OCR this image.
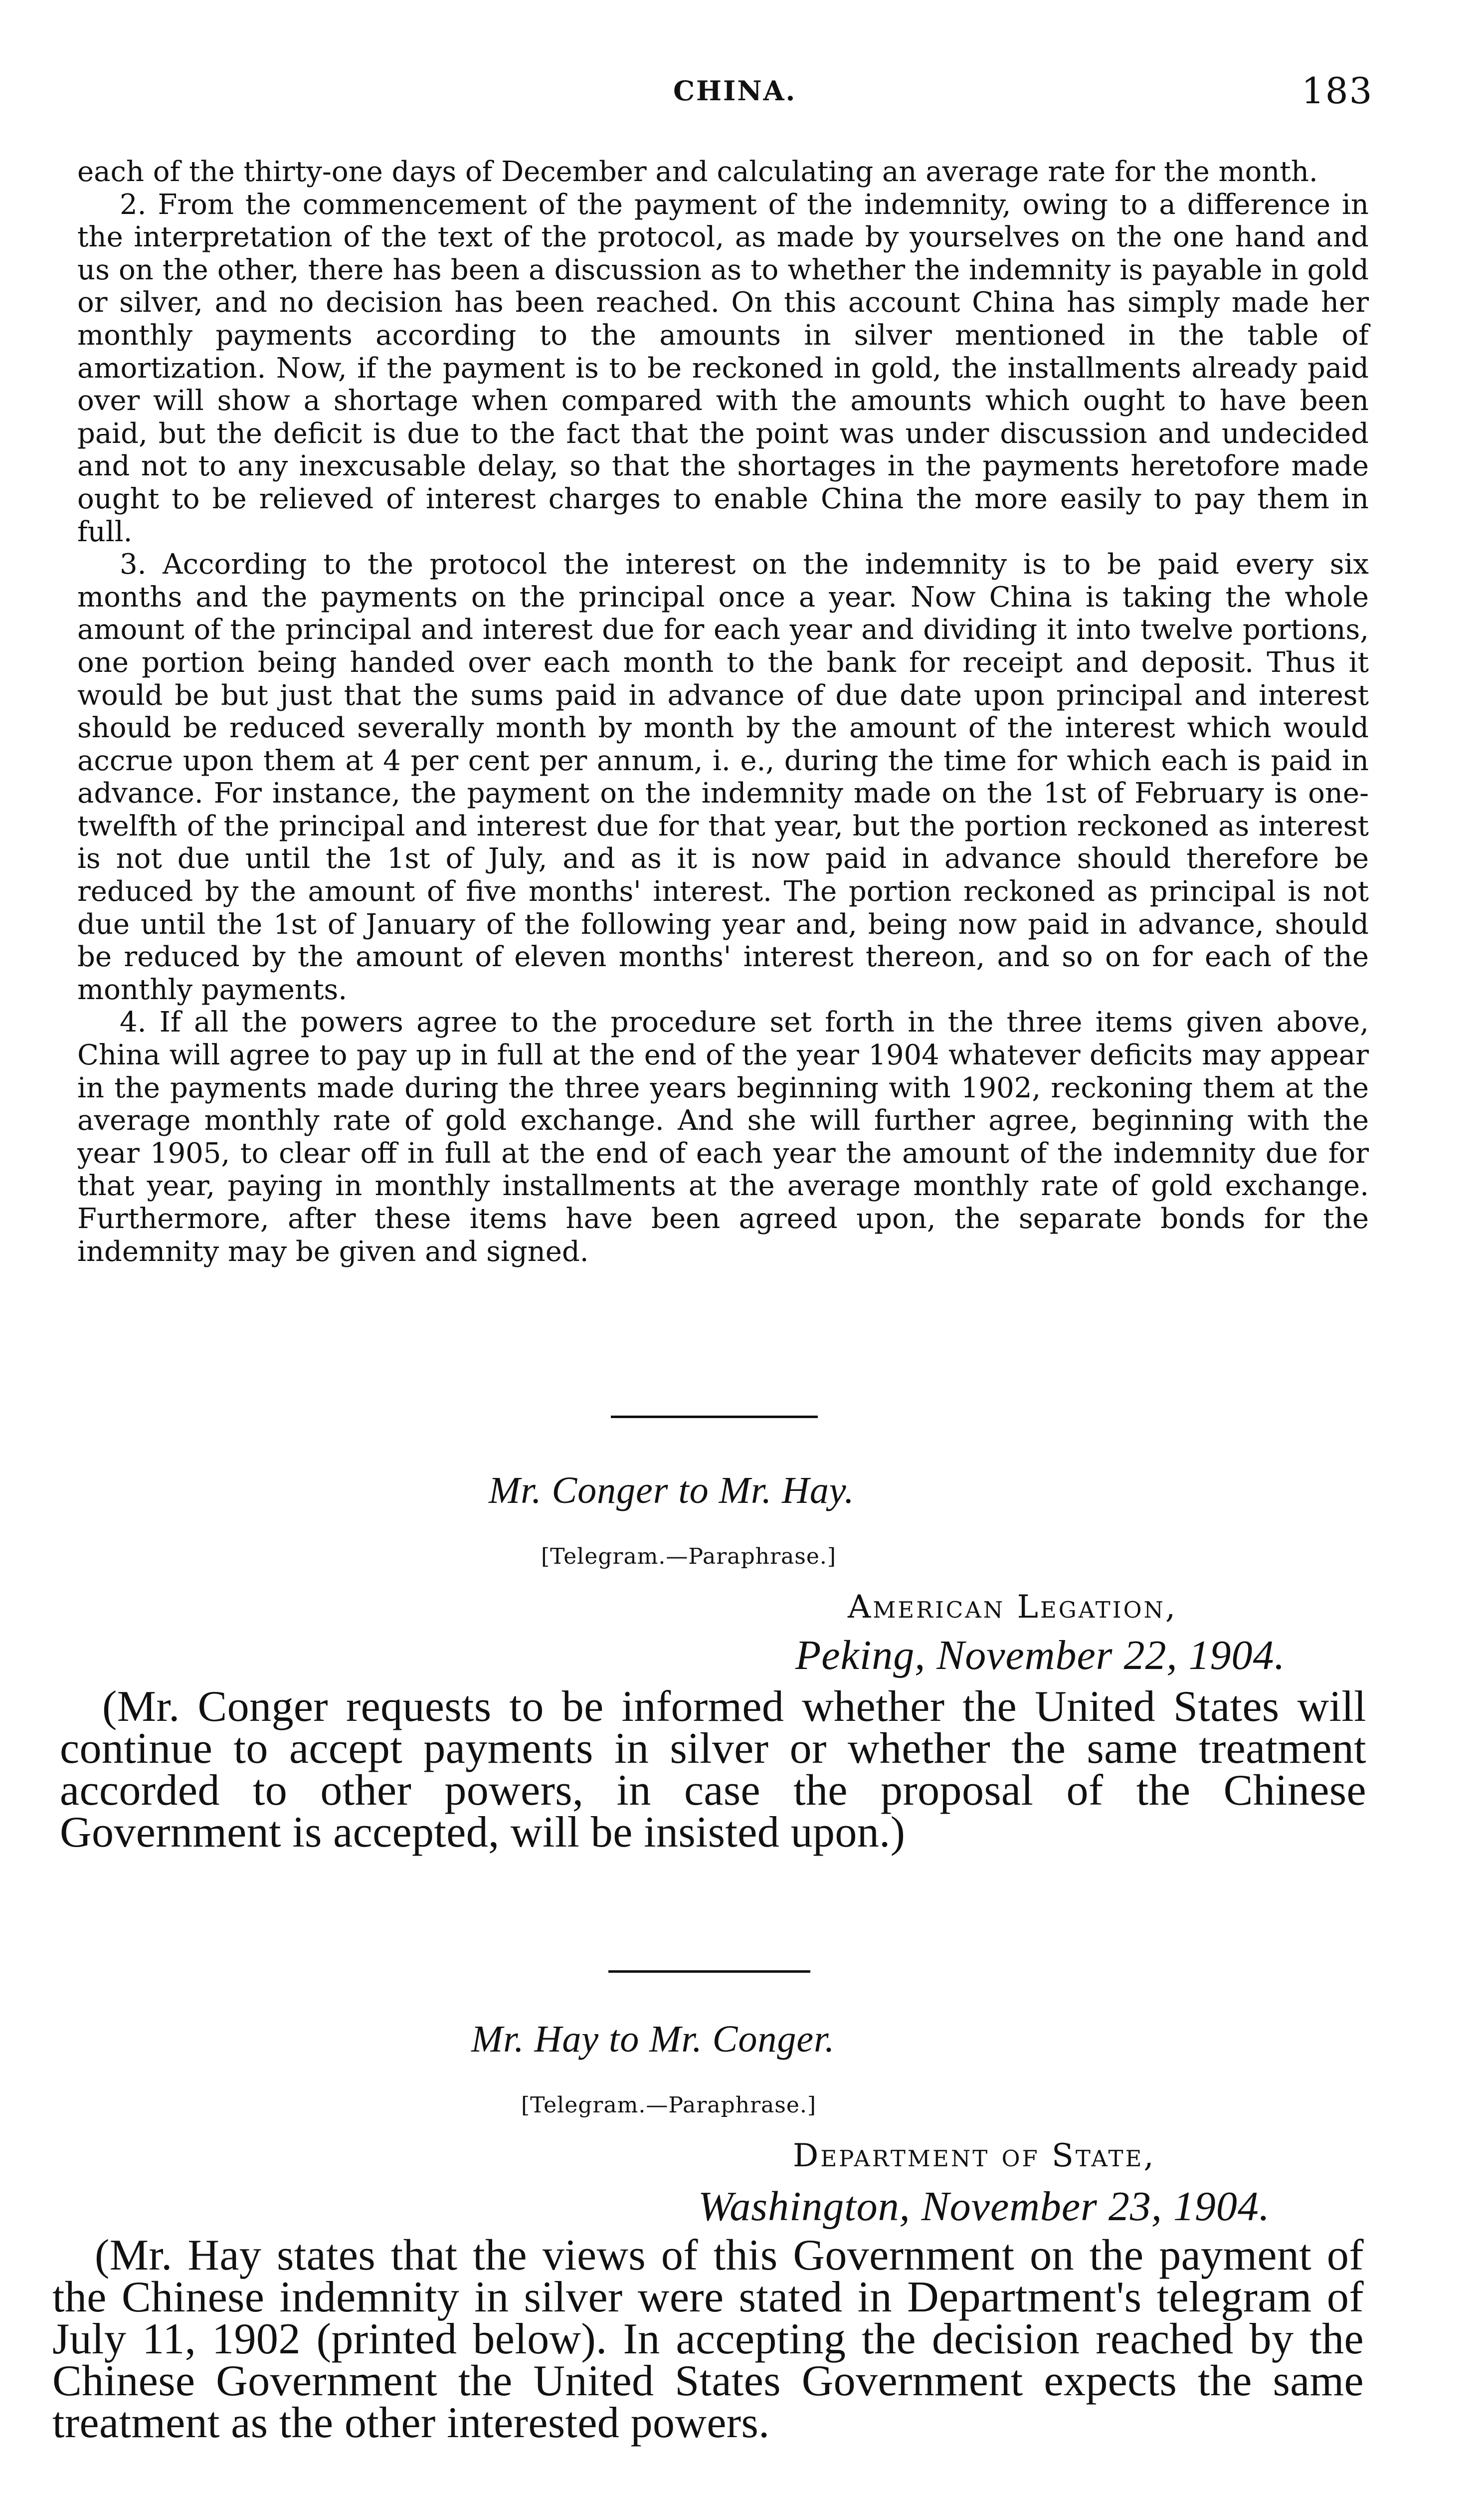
CHINA.	183

each of the thirty-one days of December and calculating an average rate for the month.

2. From the commencement of the payment of the indemnity, owing to a difference in the interpretation of the text of the protocol, as made by yourselves on the one hand and us on the other, there has been a discussion as to whether the indemnity is payable in gold or silver, and no decision has been reached. On this account China has simply made her monthly payments according to the amounts in silver mentioned in the table of amortization. Now, if the payment is to be reckoned in gold, the installments already paid over will show a shortage when compared with the amounts which ought to have been paid, but the deficit is due to the fact that the point was under discussion and undecided and not to any inexcusable delay, so that the shortages in the payments heretofore made ought to be relieved of interest charges to enable China the more easily to pay them in full.

3. According to the protocol the interest on the indemnity is to be paid every six months and the payments on the principal once a year. Now China is taking the whole amount of the principal and interest due for each year and dividing it into twelve portions, one portion being handed over each month to the bank for receipt and deposit. Thus it would be but just that the sums paid in advance of due date upon principal and interest should be reduced severally month by month by the amount of the interest which would accrue upon them at 4 per cent per annum, i. e., during the time for which each is paid in advance. For instance, the payment on the indemnity made on the 1st of February is one-twelfth of the principal and interest due for that year, but the portion reckoned as interest is not due until the 1st of July, and as it is now paid in advance should therefore be reduced by the amount of five months' interest. The portion reckoned as principal is not due until the 1st of January of the following year and, being now paid in advance, should be reduced by the amount of eleven months' interest thereon, and so on for each of the monthly payments.

4. If all the powers agree to the procedure set forth in the three items given above, China will agree to pay up in full at the end of the year 1904 whatever deficits may appear in the payments made during the three years beginning with 1902, reckoning them at the average monthly rate of gold exchange. And she will further agree, beginning with the year 1905, to clear off in full at the end of each year the amount of the indemnity due for that year, paying in monthly installments at the average monthly rate of gold exchange. Furthermore, after these items have been agreed upon, the separate bonds for the indemnity may be given and signed.

Mr. Conger to Mr. Hay.
[Telegram.—Paraphrase.]
American Legation,
Peking, November 22, 1904.

(Mr. Conger requests to be informed whether the United States will continue to accept payments in silver or whether the same treatment accorded to other powers, in case the proposal of the Chinese Government is accepted, will be insisted upon.)

Mr. Hay to Mr. Conger.
[Telegram.—Paraphrase.]
Department of State,
Washington, November 23, 1904.

(Mr. Hay states that the views of this Government on the payment of the Chinese indemnity in silver were stated in Department's telegram of July 11, 1902 (printed below). In accepting the decision reached by the Chinese Government the United States Government expects the same treatment as the other interested powers.
